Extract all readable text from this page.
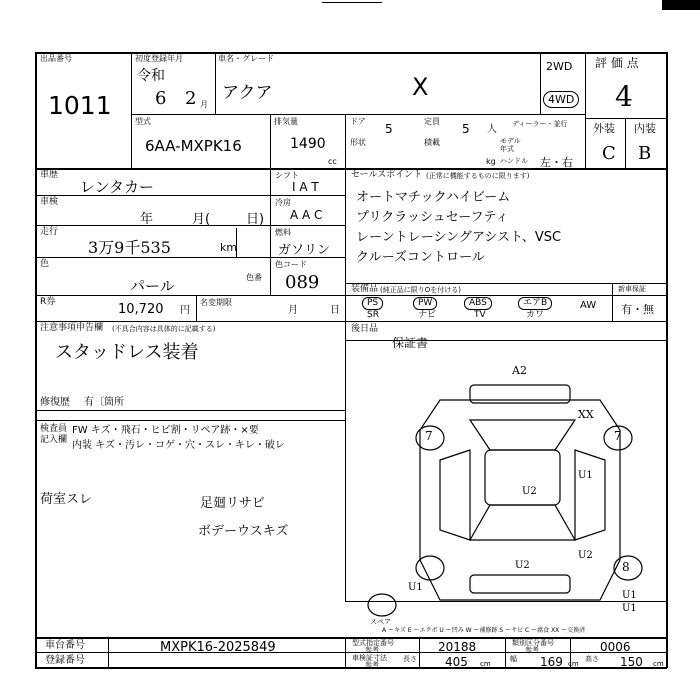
出品番号
1011
初度登録年月
令和
6 2 月
車名・グレード
アクア	X
2WD
4WD
評 価 点
4
型式
6AA-MXPK16
排気量
1490
cc
ドア
5
定員
5 人
形状	積載
kg
ディーラー・並行
モデル 年式
ハンドル 左・右
外装 内装
C B
車歴
レンタカー
車検
年	月(	日)
走行
3万9千535	km
色
パール	色番
色コード
089
R券	10,720 円
名変期限
月	日
シフト
I A T
冷房
A A C
燃料
ガソリン
セールスポイント (正常に機能するものに限ります)
オートマチックハイビーム
プリクラッシュセーフティ
レーントレーシングアシスト、VSC
クルーズコントロール
装備品 (純正品に限りOを付ける)
PS
SR
PW
ナビ
ABS
TV
エアB
カワ
AW
新車保証
有・無
後日品
保証書
注意事項申告欄 (不具合内容は具体的に記載する)
スタッドレス装着
修復歴 有〔箇所
検査員記入欄
FW キズ・飛石・ヒビ割・リペア跡・×要
内装 キズ・汚レ・コゲ・穴・スレ・キレ・破レ
荷室スレ	足廻リサビ
ボデーウスキズ
A2
XX
7	7
U1
U2
U2
U2
8
U1
U1
U1
スペア
A ーキズ E ーエクボ U ー凹み W ー補修跡 S ーサビ C ー腐食 XX ー交換済
車台番号	MXPK16-2025849
登録番号
型式指定番号
参考	20188	類別区分番号
参考	0006
車検証寸法
参考
長さ 405 cm
幅 169 cm
高さ 150 cm
